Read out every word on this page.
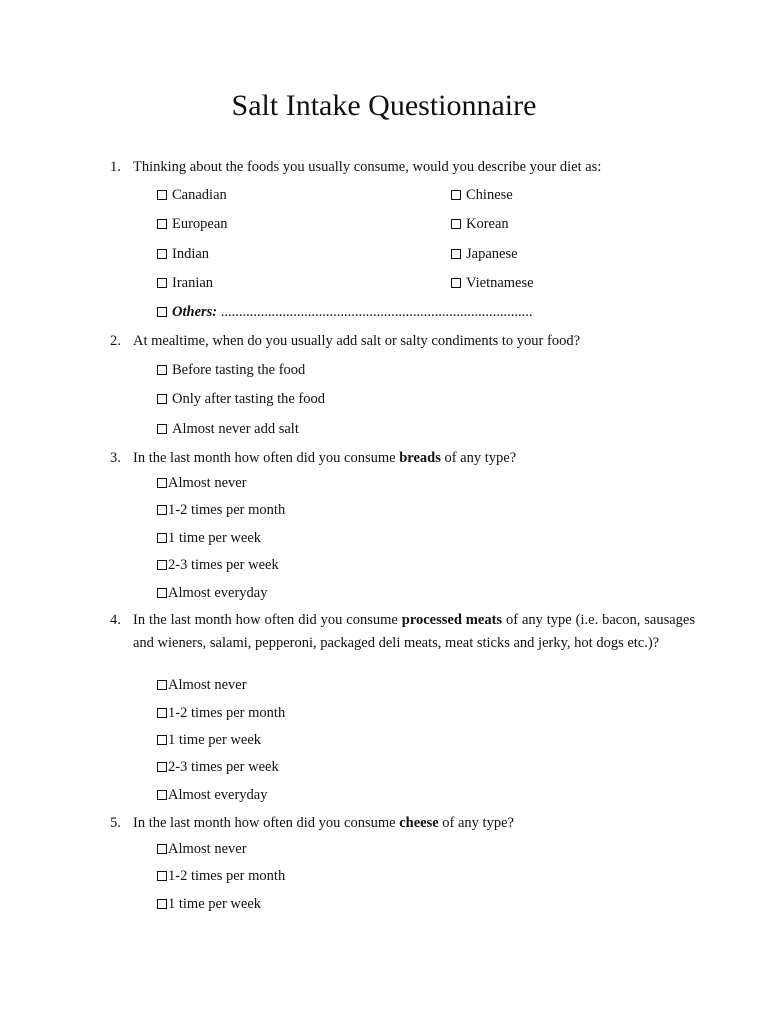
Salt Intake Questionnaire
1. Thinking about the foods you usually consume, would you describe your diet as:
Canadian	Chinese
European	Korean
Indian	Japanese
Iranian	Vietnamese
Others: ......................................................................................
2. At mealtime, when do you usually add salt or salty condiments to your food?
Before tasting the food
Only after tasting the food
Almost never add salt
3. In the last month how often did you consume breads of any type?
Almost never
1-2 times per month
1 time per week
2-3 times per week
Almost everyday
4. In the last month how often did you consume processed meats of any type (i.e. bacon, sausages and wieners, salami, pepperoni, packaged deli meats, meat sticks and jerky, hot dogs etc.)?
Almost never
1-2 times per month
1 time per week
2-3 times per week
Almost everyday
5. In the last month how often did you consume cheese of any type?
Almost never
1-2 times per month
1 time per week
